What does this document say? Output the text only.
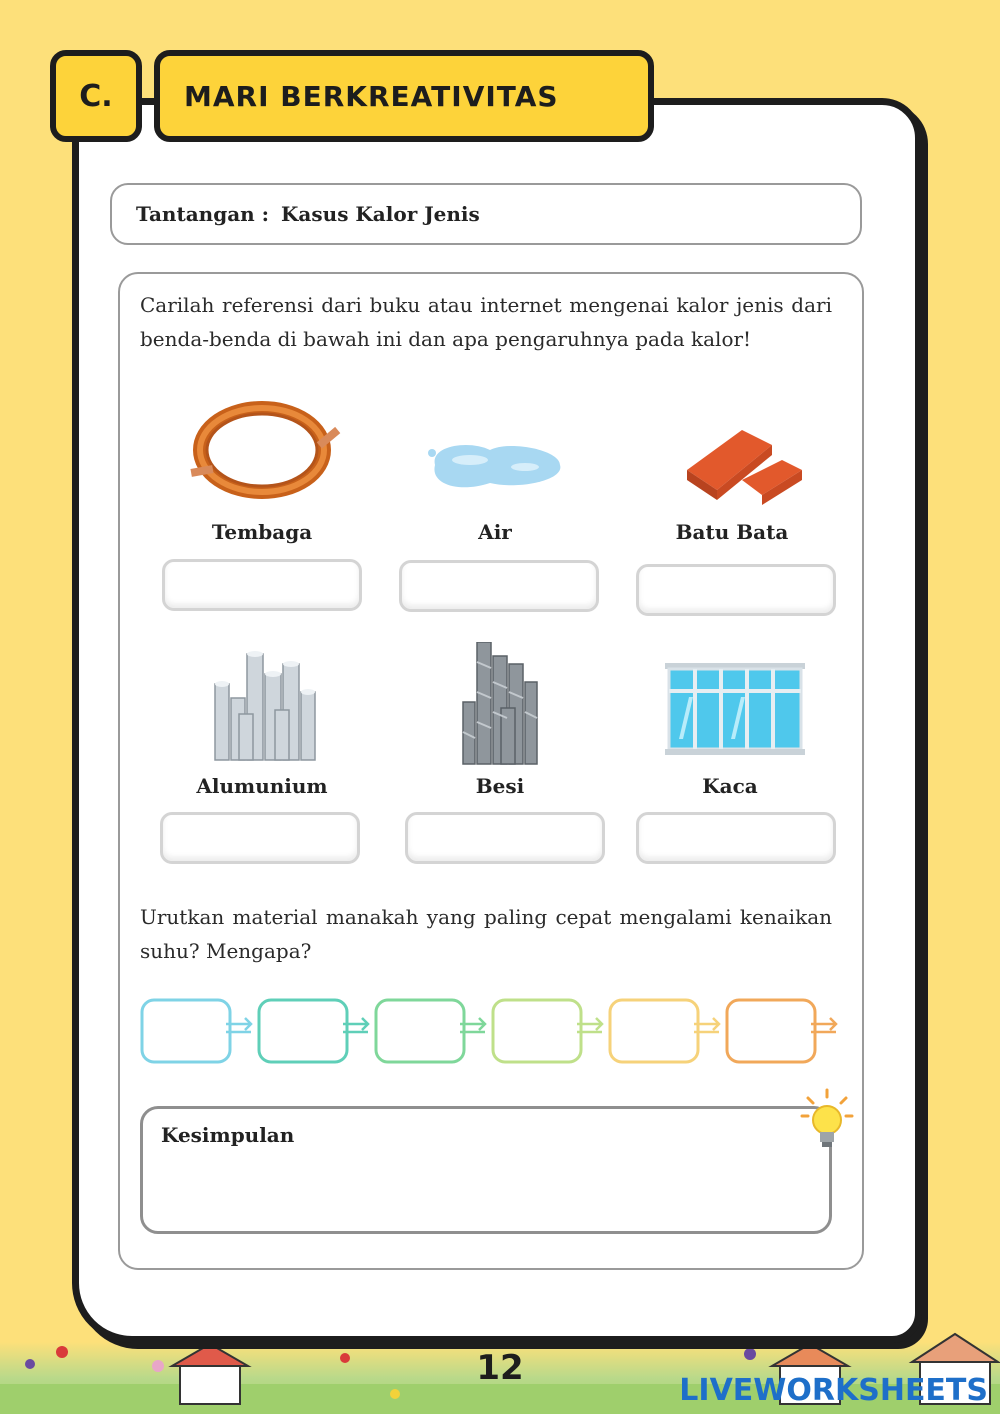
C.	MARI BERKREATIVITAS
Tantangan : Kasus Kalor Jenis

Carilah referensi dari buku atau internet mengenai kalor jenis dari benda-benda di bawah ini dan apa pengaruhnya pada kalor!

Tembaga	Air	Batu Bata
Alumunium	Besi	Kaca

Urutkan material manakah yang paling cepat mengalami kenaikan suhu? Mengapa?

Kesimpulan
12
LIVEWORKSHEETS
